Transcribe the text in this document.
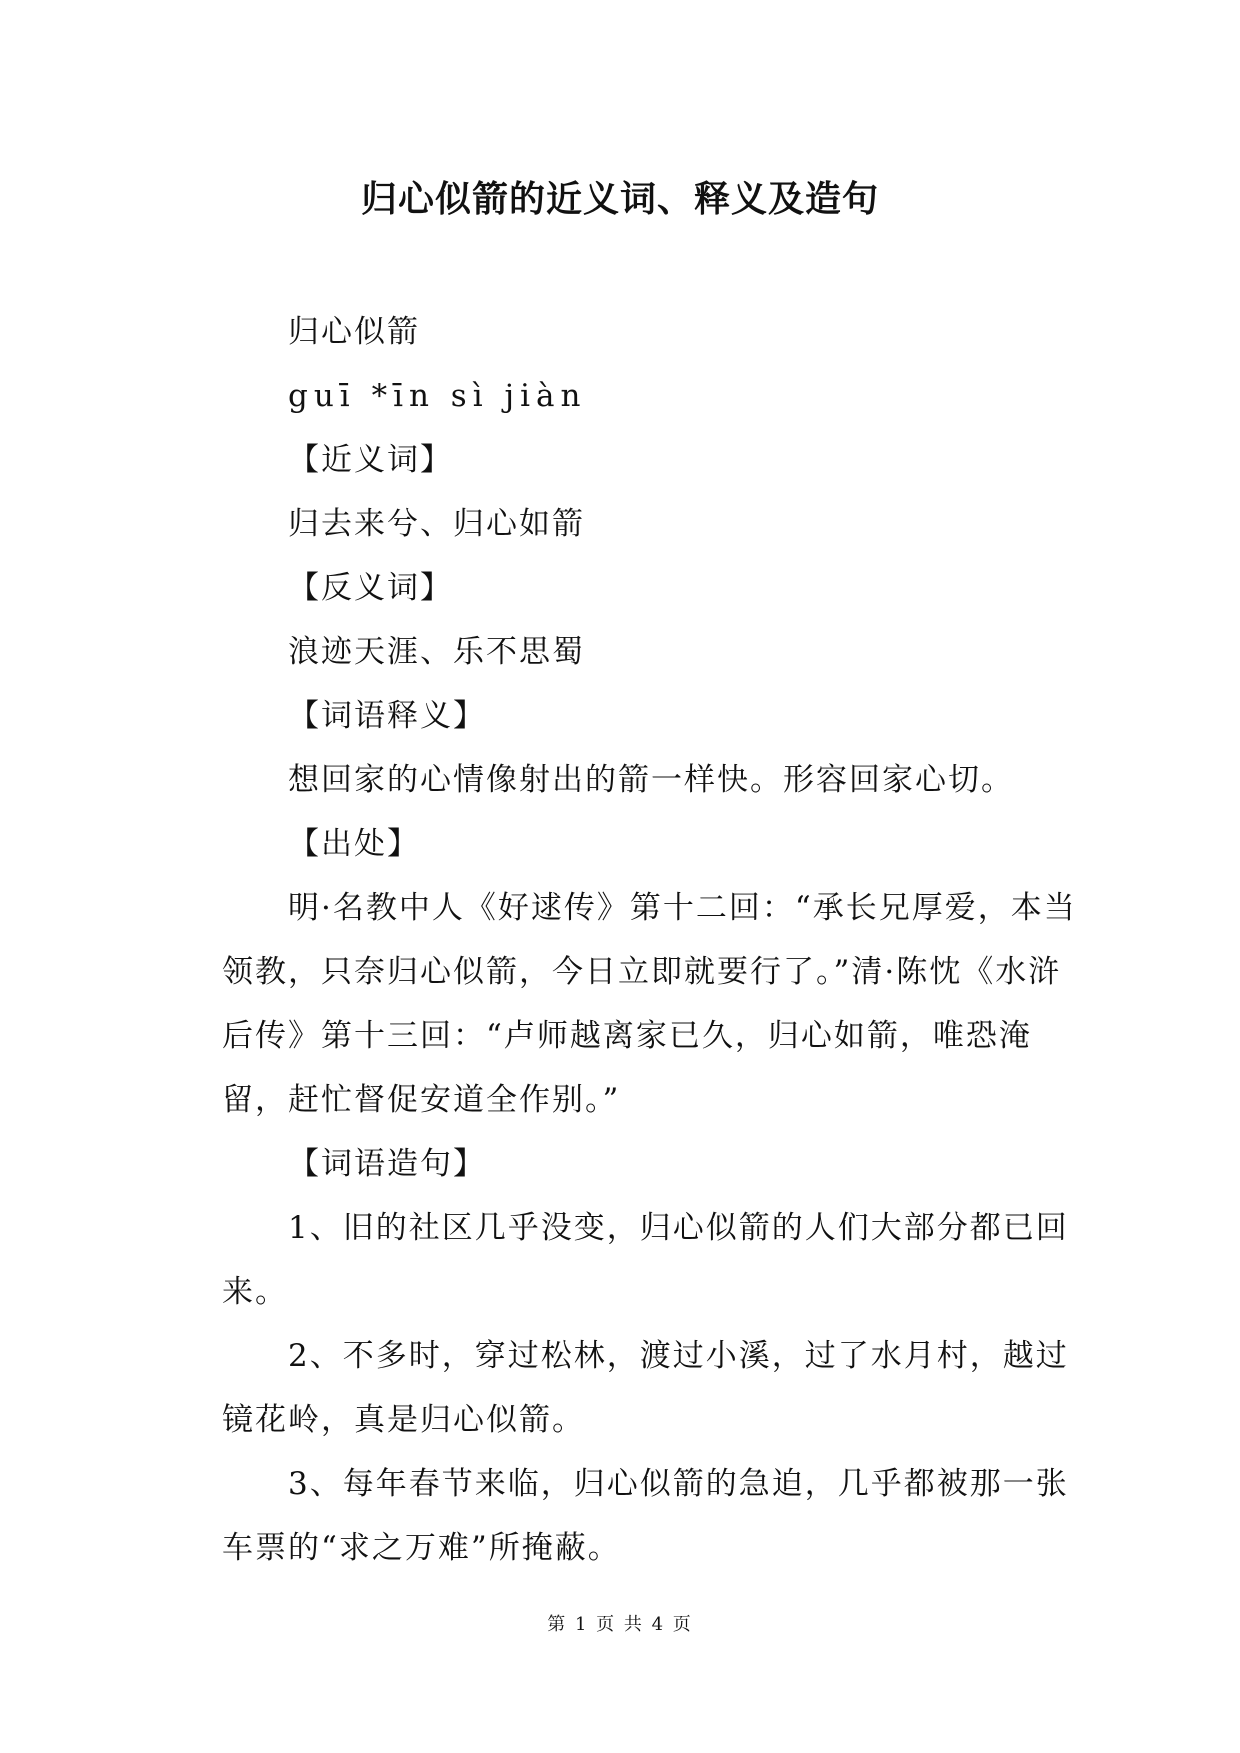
归心似箭的近义词、释义及造句

归心似箭

guī *īn sì jiàn

【近义词】

归去来兮、归心如箭

【反义词】

浪迹天涯、乐不思蜀

【词语释义】

想回家的心情像射出的箭一样快。形容回家心切。

【出处】

明·名教中人《好逑传》第十二回：“承长兄厚爱，本当领教，只奈归心似箭，今日立即就要行了。”清·陈忱《水浒后传》第十三回：“卢师越离家已久，归心如箭，唯恐淹留，赶忙督促安道全作别。”

【词语造句】

1、旧的社区几乎没变，归心似箭的人们大部分都已回来。

2、不多时，穿过松林，渡过小溪，过了水月村，越过镜花岭，真是归心似箭。

3、每年春节来临，归心似箭的急迫，几乎都被那一张车票的“求之万难”所掩蔽。

第 1 页 共 4 页
